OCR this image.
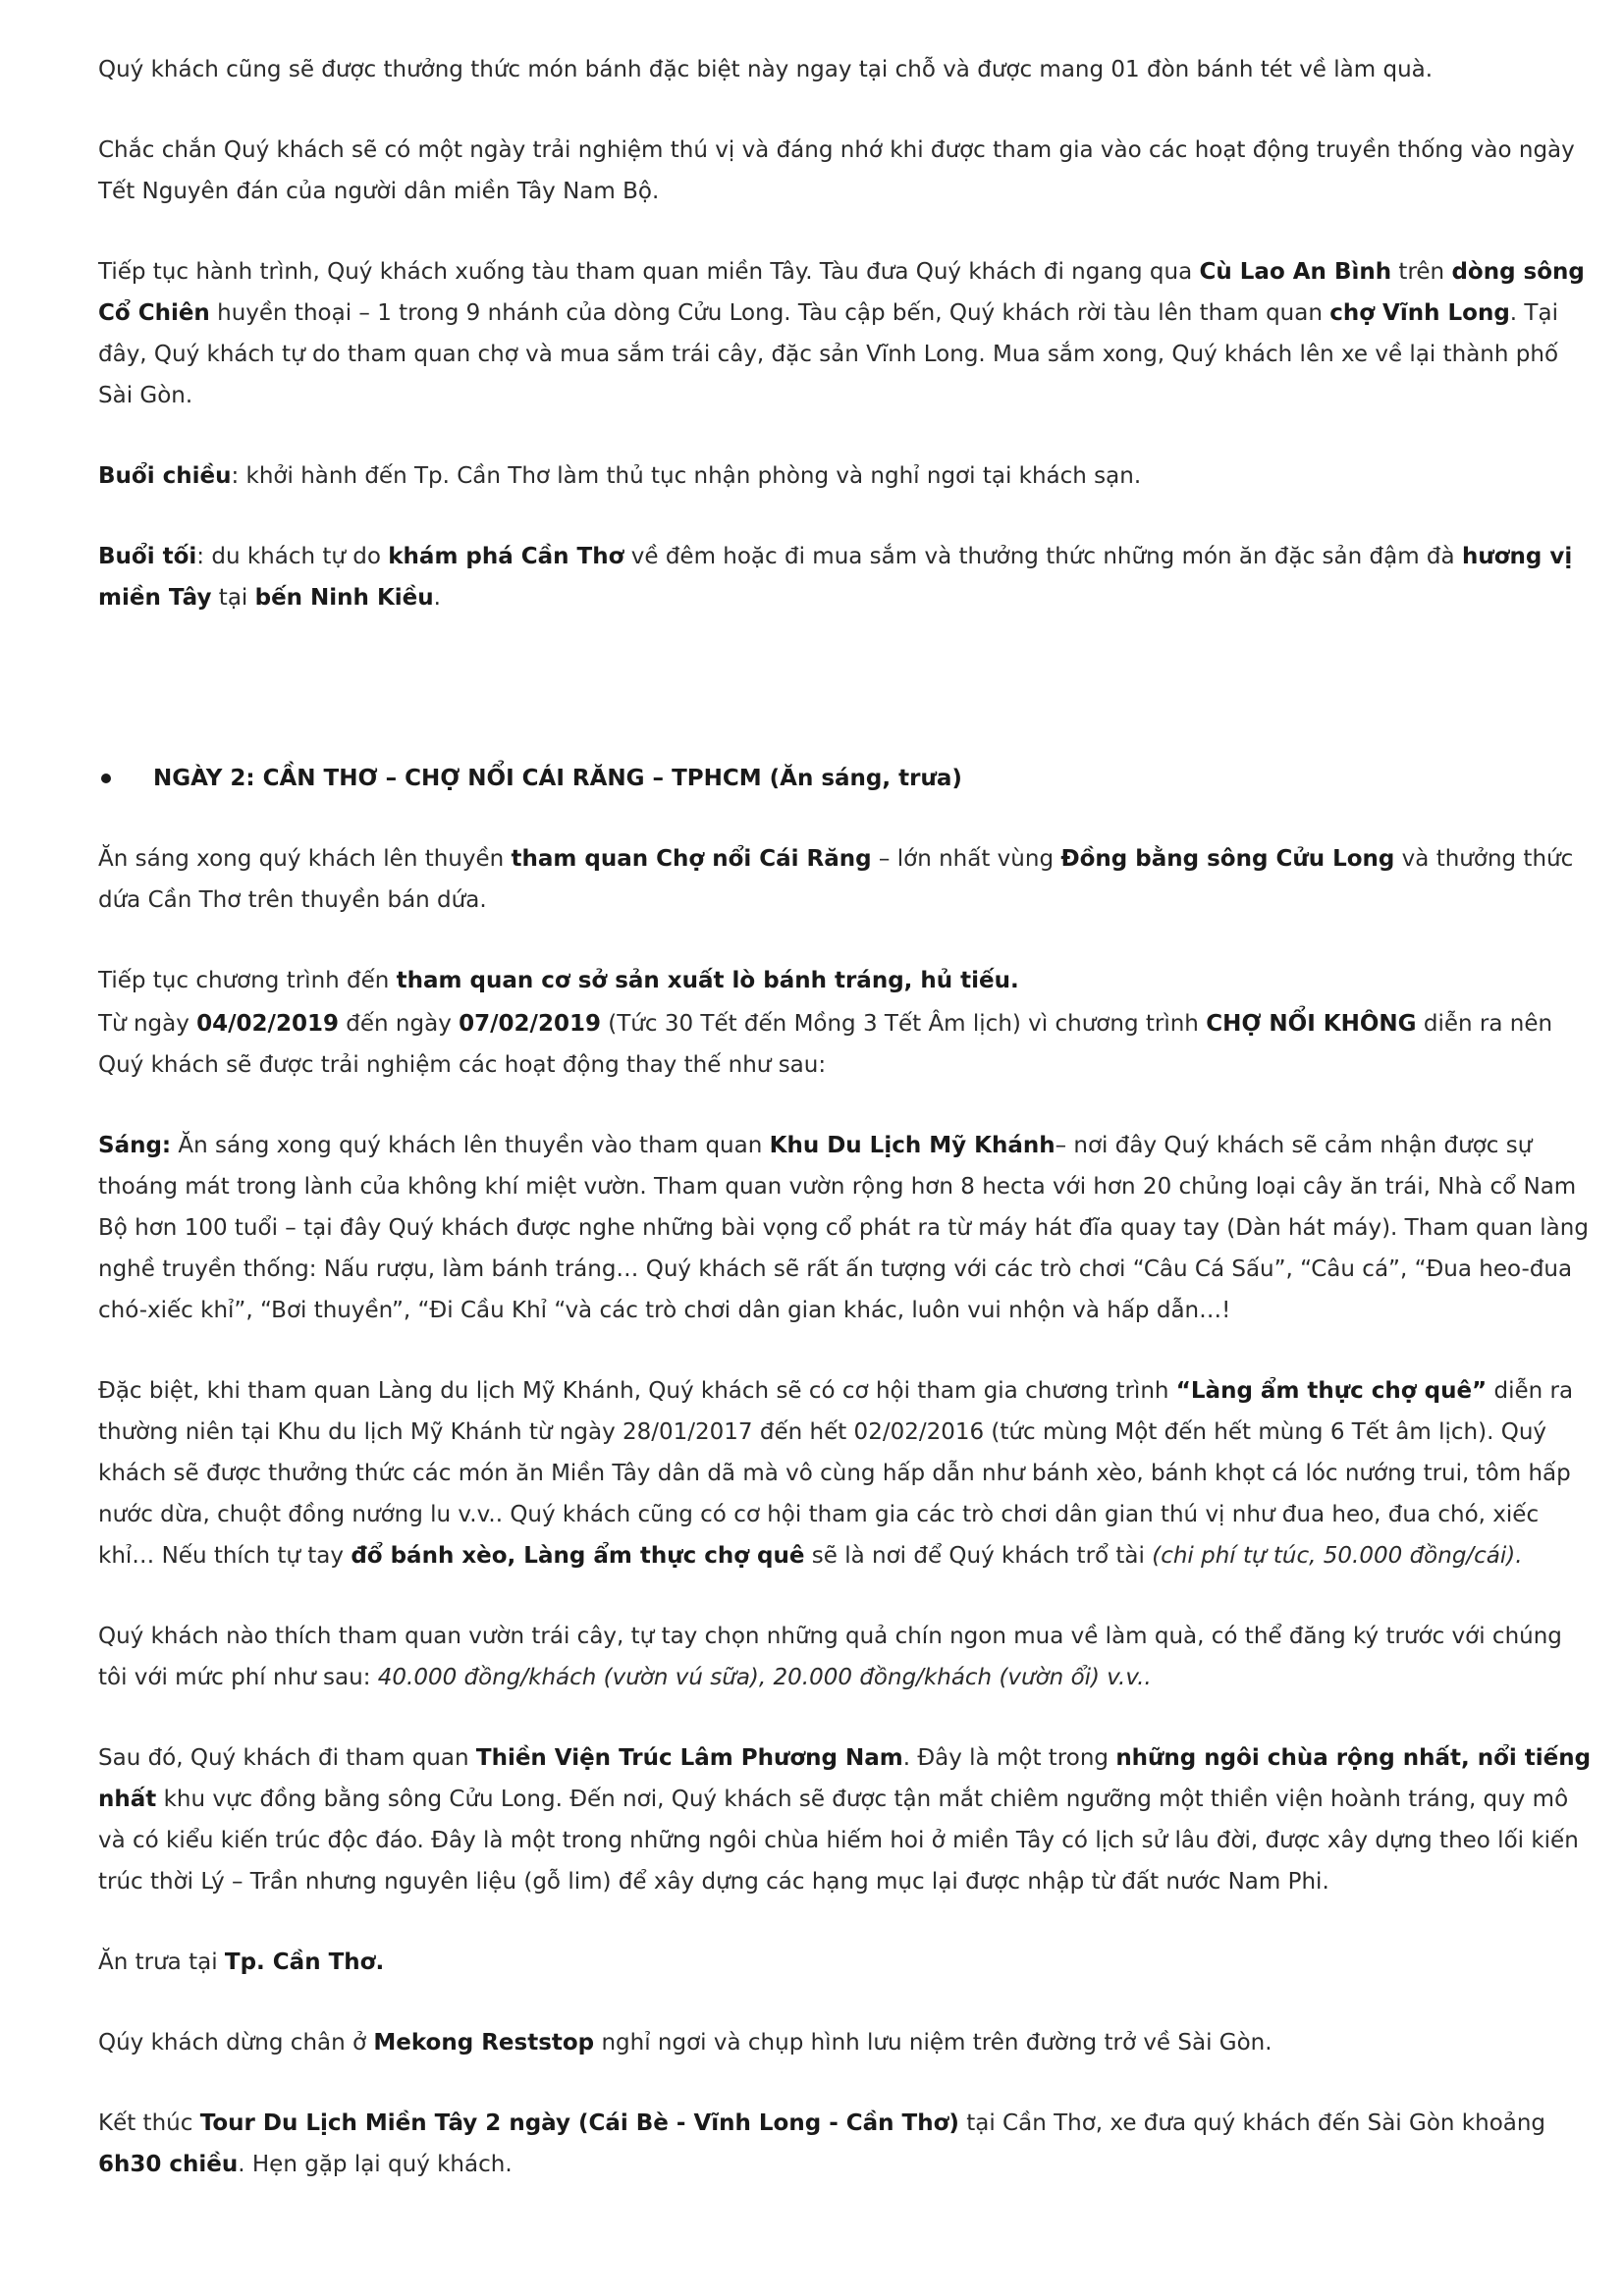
Quý khách cũng sẽ được thưởng thức món bánh đặc biệt này ngay tại chỗ và được mang 01 đòn bánh tét về làm quà.

Chắc chắn Quý khách sẽ có một ngày trải nghiệm thú vị và đáng nhớ khi được tham gia vào các hoạt động truyền thống vào ngày Tết Nguyên đán của người dân miền Tây Nam Bộ.

Tiếp tục hành trình, Quý khách xuống tàu tham quan miền Tây. Tàu đưa Quý khách đi ngang qua Cù Lao An Bình trên dòng sông Cổ Chiên huyền thoại – 1 trong 9 nhánh của dòng Cửu Long. Tàu cập bến, Quý khách rời tàu lên tham quan chợ Vĩnh Long. Tại đây, Quý khách tự do tham quan chợ và mua sắm trái cây, đặc sản Vĩnh Long. Mua sắm xong, Quý khách lên xe về lại thành phố Sài Gòn.

Buổi chiều: khởi hành đến Tp. Cần Thơ làm thủ tục nhận phòng và nghỉ ngơi tại khách sạn.

Buổi tối: du khách tự do khám phá Cần Thơ về đêm hoặc đi mua sắm và thưởng thức những món ăn đặc sản đậm đà hương vị miền Tây tại bến Ninh Kiều.

NGÀY 2: CẦN THƠ – CHỢ NỔI CÁI RĂNG – TPHCM (Ăn sáng, trưa)

Ăn sáng xong quý khách lên thuyền tham quan Chợ nổi Cái Răng – lớn nhất vùng Đồng bằng sông Cửu Long và thưởng thức dứa Cần Thơ trên thuyền bán dứa.

Tiếp tục chương trình đến tham quan cơ sở sản xuất lò bánh tráng, hủ tiếu.

Từ ngày 04/02/2019 đến ngày 07/02/2019 (Tức 30 Tết đến Mồng 3 Tết Âm lịch) vì chương trình CHỢ NỔI KHÔNG diễn ra nên Quý khách sẽ được trải nghiệm các hoạt động thay thế như sau:

Sáng: Ăn sáng xong quý khách lên thuyền vào tham quan Khu Du Lịch Mỹ Khánh– nơi đây Quý khách sẽ cảm nhận được sự thoáng mát trong lành của không khí miệt vườn. Tham quan vườn rộng hơn 8 hecta với hơn 20 chủng loại cây ăn trái, Nhà cổ Nam Bộ hơn 100 tuổi – tại đây Quý khách được nghe những bài vọng cổ phát ra từ máy hát đĩa quay tay (Dàn hát máy). Tham quan làng nghề truyền thống: Nấu rượu, làm bánh tráng… Quý khách sẽ rất ấn tượng với các trò chơi “Câu Cá Sấu”, “Câu cá”, “Đua heo-đua chó-xiếc khỉ”, “Bơi thuyền”, “Đi Cầu Khỉ “và các trò chơi dân gian khác, luôn vui nhộn và hấp dẫn…!

Đặc biệt, khi tham quan Làng du lịch Mỹ Khánh, Quý khách sẽ có cơ hội tham gia chương trình “Làng ẩm thực chợ quê” diễn ra thường niên tại Khu du lịch Mỹ Khánh từ ngày 28/01/2017 đến hết 02/02/2016 (tức mùng Một đến hết mùng 6 Tết âm lịch). Quý khách sẽ được thưởng thức các món ăn Miền Tây dân dã mà vô cùng hấp dẫn như bánh xèo, bánh khọt cá lóc nướng trui, tôm hấp nước dừa, chuột đồng nướng lu v.v.. Quý khách cũng có cơ hội tham gia các trò chơi dân gian thú vị như đua heo, đua chó, xiếc khỉ… Nếu thích tự tay đổ bánh xèo, Làng ẩm thực chợ quê sẽ là nơi để Quý khách trổ tài (chi phí tự túc, 50.000 đồng/cái).

Quý khách nào thích tham quan vườn trái cây, tự tay chọn những quả chín ngon mua về làm quà, có thể đăng ký trước với chúng tôi với mức phí như sau: 40.000 đồng/khách (vườn vú sữa), 20.000 đồng/khách (vườn ổi) v.v..

Sau đó, Quý khách đi tham quan Thiền Viện Trúc Lâm Phương Nam. Đây là một trong những ngôi chùa rộng nhất, nổi tiếng nhất khu vực đồng bằng sông Cửu Long. Đến nơi, Quý khách sẽ được tận mắt chiêm ngưỡng một thiền viện hoành tráng, quy mô và có kiểu kiến trúc độc đáo. Đây là một trong những ngôi chùa hiếm hoi ở miền Tây có lịch sử lâu đời, được xây dựng theo lối kiến trúc thời Lý – Trần nhưng nguyên liệu (gỗ lim) để xây dựng các hạng mục lại được nhập từ đất nước Nam Phi.

Ăn trưa tại Tp. Cần Thơ.

Qúy khách dừng chân ở Mekong Reststop nghỉ ngơi và chụp hình lưu niệm trên đường trở về Sài Gòn.

Kết thúc Tour Du Lịch Miền Tây 2 ngày (Cái Bè - Vĩnh Long - Cần Thơ) tại Cần Thơ, xe đưa quý khách đến Sài Gòn khoảng 6h30 chiều. Hẹn gặp lại quý khách.
